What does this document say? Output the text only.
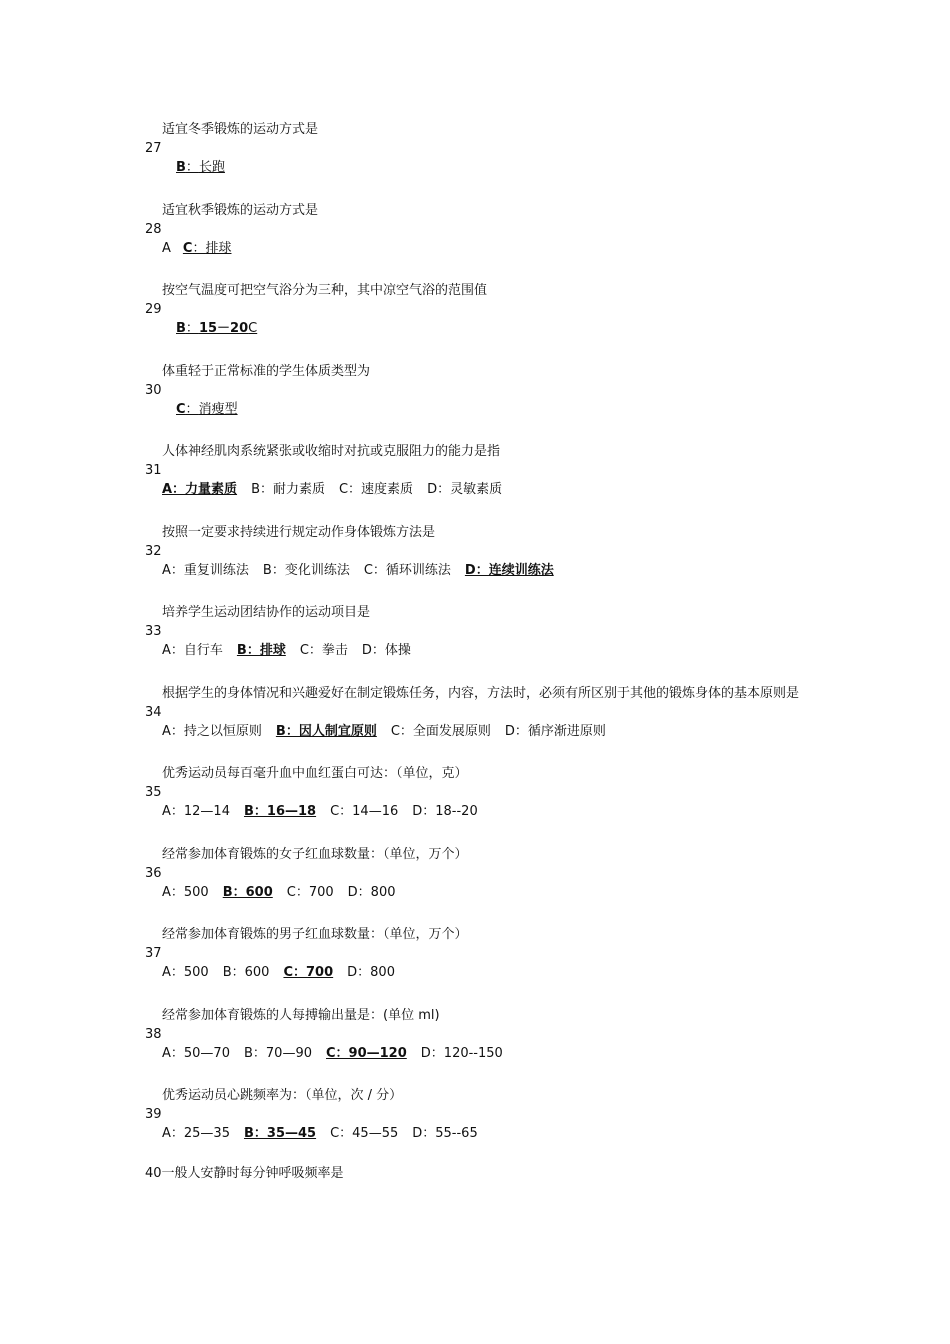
适宜冬季锻炼的运动方式是
27
B：长跑
适宜秋季锻炼的运动方式是
28
A C：排球
按空气温度可把空气浴分为三种，其中凉空气浴的范围值
29
B：15－20C
体重轻于正常标准的学生体质类型为
30
C：消瘦型
人体神经肌肉系统紧张或收缩时对抗或克服阻力的能力是指
31
A：力量素质 B：耐力素质 C：速度素质 D：灵敏素质
按照一定要求持续进行规定动作身体锻炼方法是
32
A：重复训练法 B：变化训练法 C：循环训练法 D：连续训练法
培养学生运动团结协作的运动项目是
33
A：自行车 B：排球 C：拳击 D：体操
根据学生的身体情况和兴趣爱好在制定锻炼任务，内容，方法时，必须有所区别于其他的锻炼身体的基本原则是
34
A：持之以恒原则 B：因人制宜原则 C：全面发展原则 D：循序渐进原则
优秀运动员每百毫升血中血红蛋白可达：（单位，克）
35
A：12—14 B：16—18 C：14—16 D：18--20
经常参加体育锻炼的女子红血球数量：（单位，万个）
36
A：500 B：600 C：700 D：800
经常参加体育锻炼的男子红血球数量：（单位，万个）
37
A：500 B：600 C：700 D：800
经常参加体育锻炼的人每搏输出量是：(单位 ml)
38
A：50—70 B：70—90 C：90—120 D：120--150
优秀运动员心跳频率为：（单位，次 / 分）
39
A：25—35 B：35—45 C：45—55 D：55--65
40一般人安静时每分钟呼吸频率是
